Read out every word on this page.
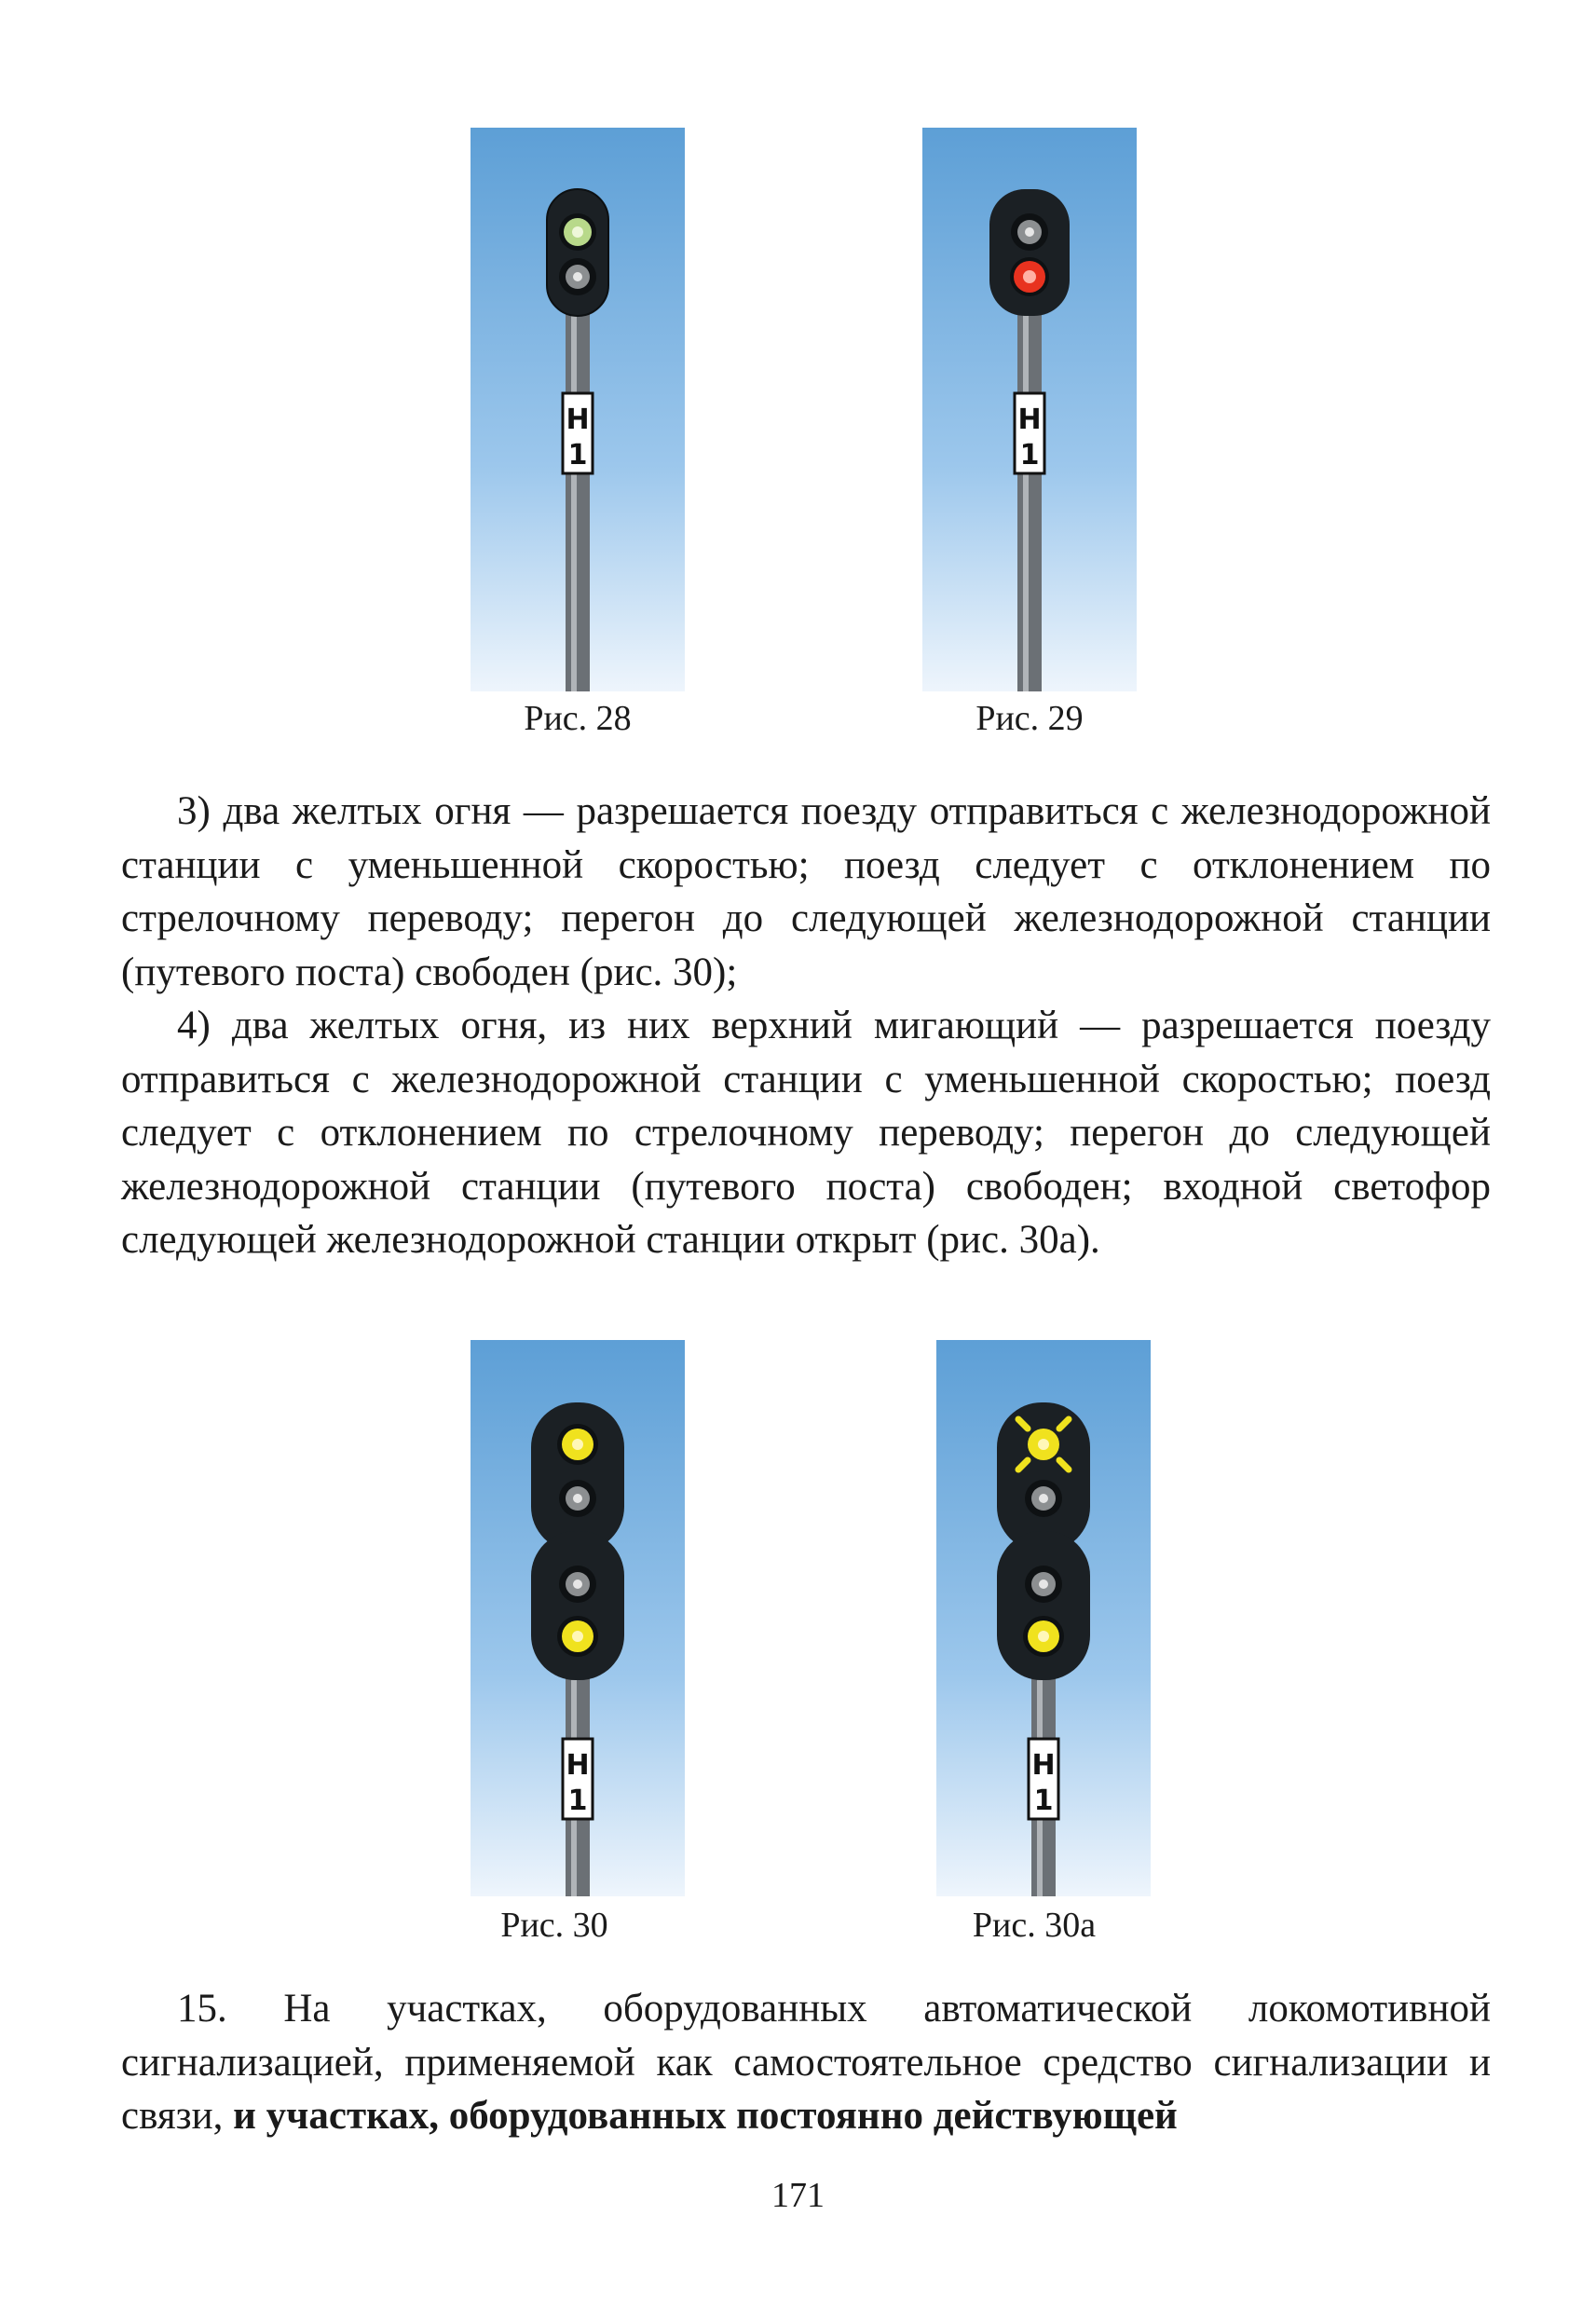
Н
1
Рис. 28
Н
1
Рис. 29

3) два желтых огня — разрешается поезду отправиться с железнодорожной станции с уменьшенной скоростью; поезд следует с отклонением по стрелочному переводу; перегон до следующей железнодорожной станции (путевого поста) свободен (рис. 30);

4) два желтых огня, из них верхний мигающий — разрешается поезду отправиться с железнодорожной станции с уменьшенной скоростью; поезд следует с отклонением по стрелочному переводу; перегон до следующей железнодорожной станции (путевого поста) свободен; входной светофор следующей железнодорожной станции открыт (рис. 30а).

Н
1
Рис. 30
Н
1
Рис. 30а

15. На участках, оборудованных автоматической локомотивной сигнализацией, применяемой как самостоятельное средство сигнализации и связи, и участках, оборудованных постоянно действующей

171
